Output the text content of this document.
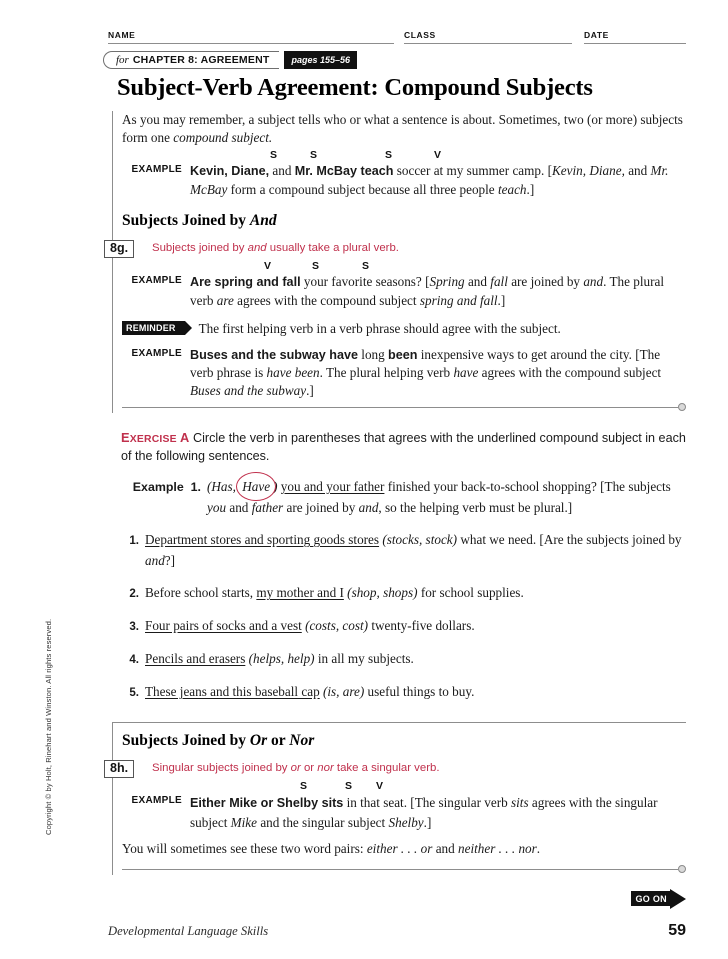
NAME	CLASS	DATE
for CHAPTER 8: AGREEMENT	pages 155–56
Subject-Verb Agreement: Compound Subjects

As you may remember, a subject tells who or what a sentence is about. Sometimes, two (or more) subjects form one compound subject.

S	S	S	V
EXAMPLE Kevin, Diane, and Mr. McBay teach soccer at my summer camp. [Kevin, Diane, and Mr. McBay form a compound subject because all three people teach.]
Subjects Joined by And
8g.	Subjects joined by and usually take a plural verb.
V	S	S
EXAMPLE Are spring and fall your favorite seasons? [Spring and fall are joined by and. The plural verb are agrees with the compound subject spring and fall.]
REMINDER	The first helping verb in a verb phrase should agree with the subject.
EXAMPLE Buses and the subway have long been inexpensive ways to get around the city. [The verb phrase is have been. The plural helping verb have agrees with the compound subject Buses and the subway.]
EXERCISE A Circle the verb in parentheses that agrees with the underlined compound subject in each of the following sentences.
Example 1. (Has, Have ) you and your father finished your back-to-school shopping? [The subjects you and father are joined by and, so the helping verb must be plural.]
1. Department stores and sporting goods stores (stocks, stock) what we need. [Are the subjects joined by and?]
2. Before school starts, my mother and I (shop, shops) for school supplies.
3. Four pairs of socks and a vest (costs, cost) twenty-five dollars.
4. Pencils and erasers (helps, help) in all my subjects.
5. These jeans and this baseball cap (is, are) useful things to buy.
Subjects Joined by Or or Nor
8h.	Singular subjects joined by or or nor take a singular verb.
S	S V
EXAMPLE Either Mike or Shelby sits in that seat. [The singular verb sits agrees with the singular subject Mike and the singular subject Shelby.]

You will sometimes see these two word pairs: either . . . or and neither . . . nor.

GO ON
Developmental Language Skills	59
Copyright © by Holt, Rinehart and Winston. All rights reserved.
